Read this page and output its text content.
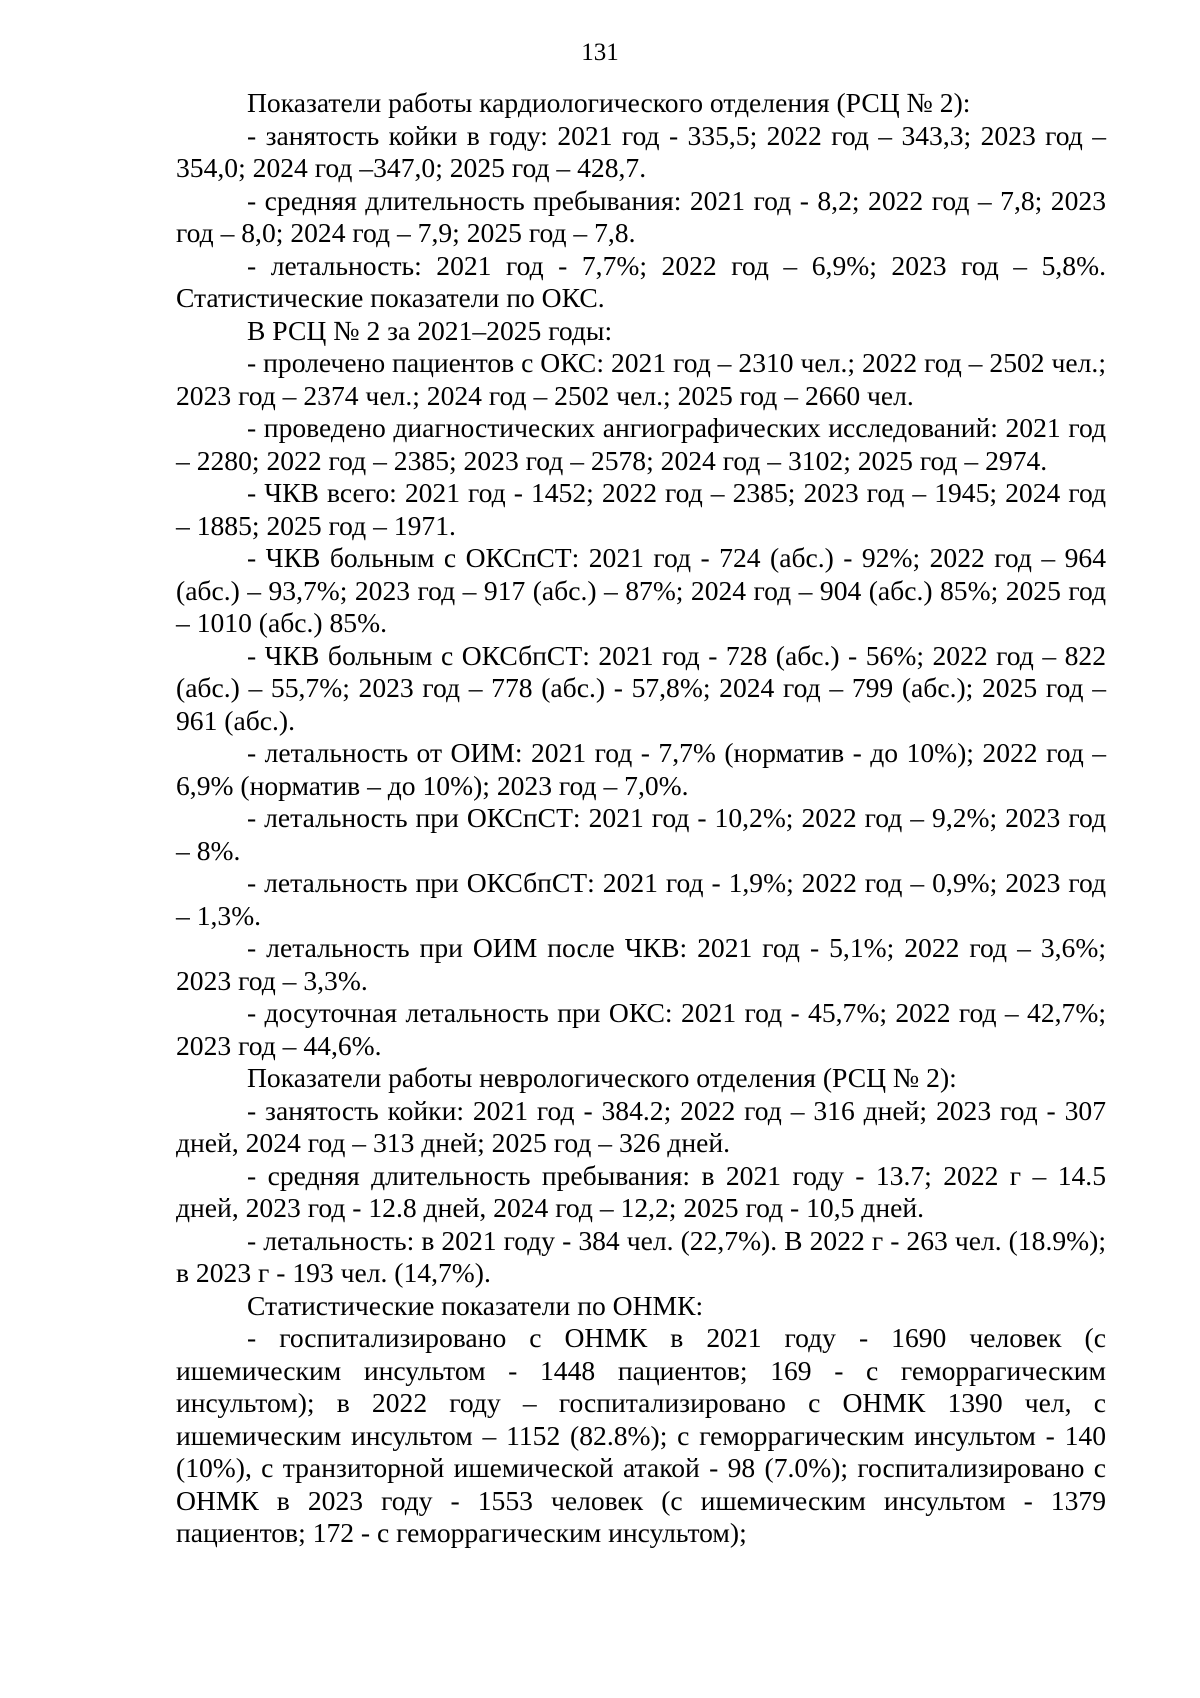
131

Показатели работы кардиологического отделения (РСЦ № 2):

- занятость койки в году: 2021 год - 335,5; 2022 год – 343,3; 2023 год – 354,0; 2024 год –347,0; 2025 год – 428,7.

- средняя длительность пребывания: 2021 год - 8,2; 2022 год – 7,8; 2023 год – 8,0; 2024 год – 7,9; 2025 год – 7,8.

- летальность: 2021 год - 7,7%; 2022 год – 6,9%; 2023 год – 5,8%. Статистические показатели по ОКС.

В РСЦ № 2 за 2021–2025 годы:

- пролечено пациентов с ОКС: 2021 год – 2310 чел.; 2022 год – 2502 чел.; 2023 год – 2374 чел.; 2024 год – 2502 чел.; 2025 год – 2660 чел.

- проведено диагностических ангиографических исследований: 2021 год – 2280; 2022 год – 2385; 2023 год – 2578; 2024 год – 3102; 2025 год – 2974.

- ЧКВ всего: 2021 год - 1452; 2022 год – 2385; 2023 год – 1945; 2024 год – 1885; 2025 год – 1971.

- ЧКВ больным с ОКСпСТ: 2021 год - 724 (абс.) - 92%; 2022 год – 964 (абс.) – 93,7%; 2023 год – 917 (абс.) – 87%; 2024 год – 904 (абс.) 85%; 2025 год – 1010 (абс.) 85%.

- ЧКВ больным с ОКСбпСТ: 2021 год - 728 (абс.) - 56%; 2022 год – 822 (абс.) – 55,7%; 2023 год – 778 (абс.) - 57,8%; 2024 год – 799 (абс.); 2025 год – 961 (абс.).

- летальность от ОИМ: 2021 год - 7,7% (норматив - до 10%); 2022 год – 6,9% (норматив – до 10%); 2023 год – 7,0%.

- летальность при ОКСпСТ: 2021 год - 10,2%; 2022 год – 9,2%; 2023 год – 8%.

- летальность при ОКСбпСТ: 2021 год - 1,9%; 2022 год – 0,9%; 2023 год – 1,3%.

- летальность при ОИМ после ЧКВ: 2021 год - 5,1%; 2022 год – 3,6%; 2023 год – 3,3%.

- досуточная летальность при ОКС: 2021 год - 45,7%; 2022 год – 42,7%; 2023 год – 44,6%.

Показатели работы неврологического отделения (РСЦ № 2):

- занятость койки: 2021 год - 384.2; 2022 год – 316 дней; 2023 год - 307 дней, 2024 год – 313 дней; 2025 год – 326 дней.

- средняя длительность пребывания: в 2021 году - 13.7; 2022 г – 14.5 дней, 2023 год - 12.8 дней, 2024 год – 12,2; 2025 год - 10,5 дней.

- летальность: в 2021 году - 384 чел. (22,7%). В 2022 г - 263 чел. (18.9%); в 2023 г - 193 чел. (14,7%).

Статистические показатели по ОНМК:

- госпитализировано с ОНМК в 2021 году - 1690 человек (с ишемическим инсультом - 1448 пациентов; 169 - с геморрагическим инсультом); в 2022 году – госпитализировано с ОНМК 1390 чел, с ишемическим инсультом – 1152 (82.8%); с геморрагическим инсультом - 140 (10%), с транзиторной ишемической атакой - 98 (7.0%); госпитализировано с ОНМК в 2023 году - 1553 человек (с ишемическим инсультом - 1379 пациентов; 172 - с геморрагическим инсультом);
